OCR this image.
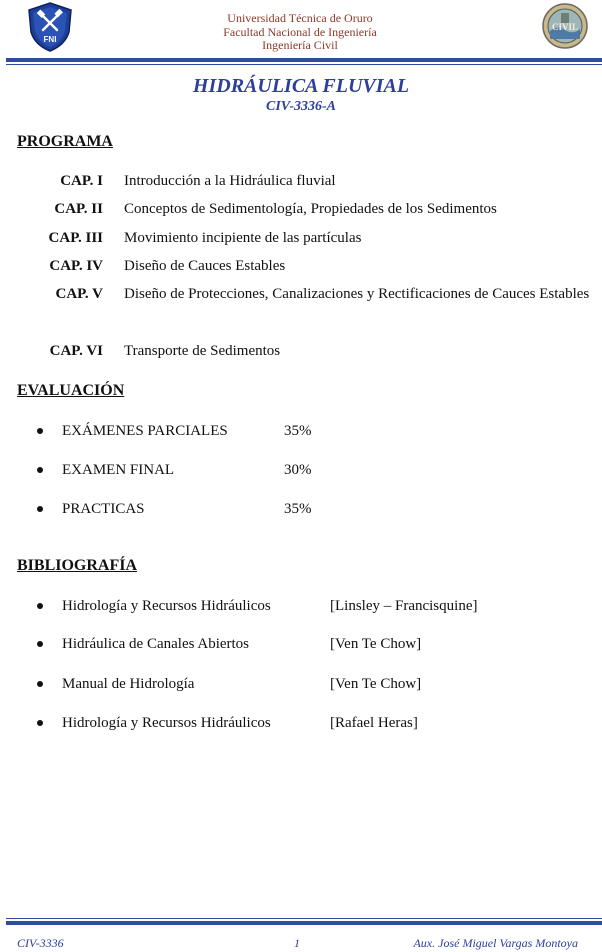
FNI
Universidad Técnica de Oruro
Facultad Nacional de Ingeniería
Ingeniería Civil
CIVIL
HIDRÁULICA FLUVIAL
CIV-3336-A
PROGRAMA
CAP. I Introducción a la Hidráulica fluvial
CAP. II Conceptos de Sedimentología, Propiedades de los Sedimentos
CAP. III Movimiento incipiente de las partículas
CAP. IV Diseño de Cauces Estables
CAP. V Diseño de Protecciones, Canalizaciones y Rectificaciones de Cauces Estables
CAP. VI Transporte de Sedimentos
EVALUACIÓN
EXÁMENES PARCIALES	35%
EXAMEN FINAL	30%
PRACTICAS	35%
BIBLIOGRAFÍA
Hidrología y Recursos Hidráulicos	[Linsley – Francisquine]
Hidráulica de Canales Abiertos	[Ven Te Chow]
Manual de Hidrología	[Ven Te Chow]
Hidrología y Recursos Hidráulicos	[Rafael Heras]
CIV-3336	1	Aux. José Miguel Vargas Montoya
